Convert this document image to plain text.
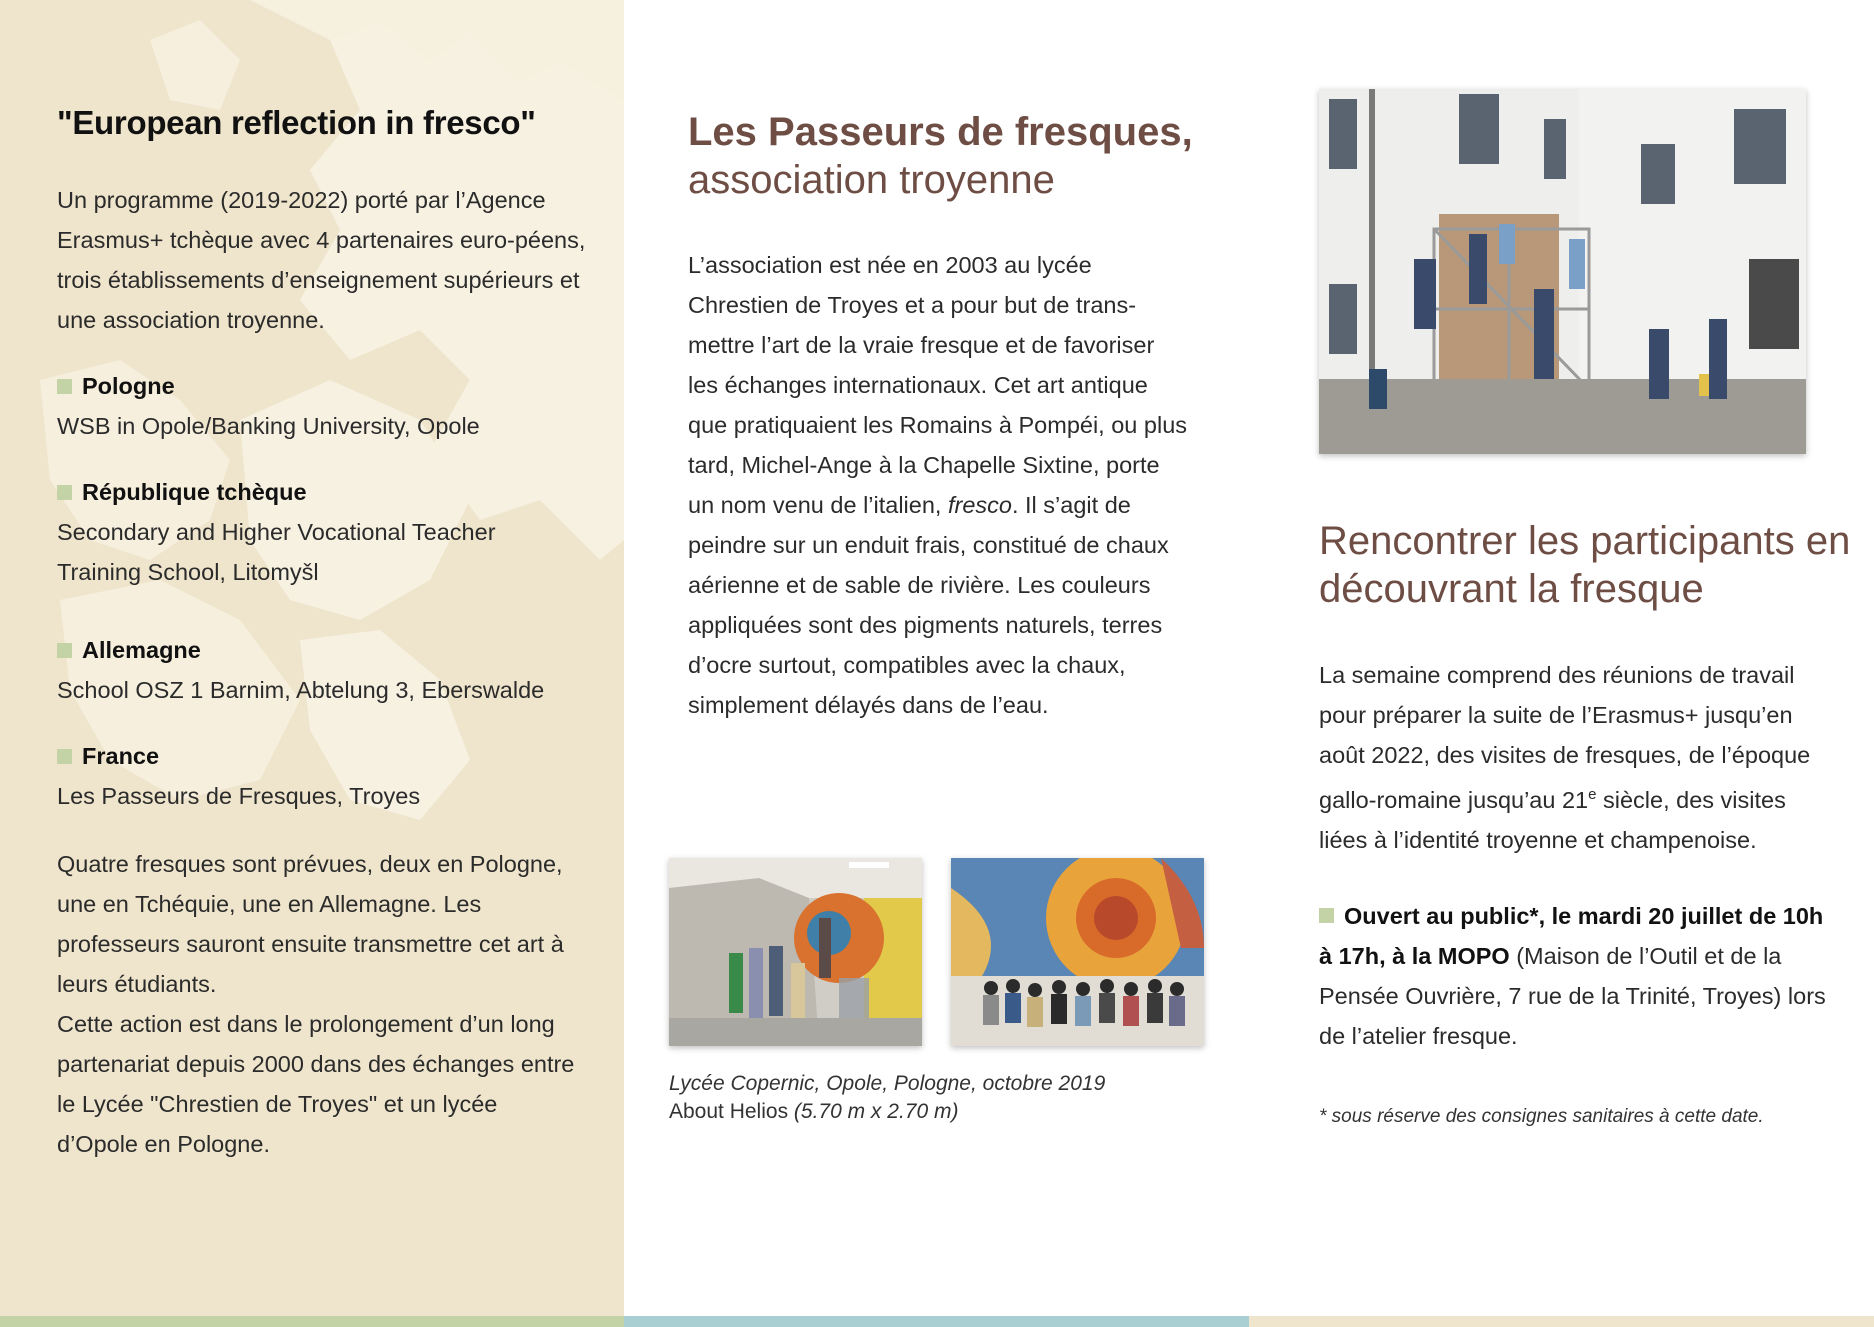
"European reflection in fresco"

Un programme (2019-2022) porté par l’Agence Erasmus+ tchèque avec 4 partenaires euro-péens, trois établissements d’enseignement supérieurs et une association troyenne.

Pologne

WSB in Opole/Banking University, Opole

République tchèque

Secondary and Higher Vocational Teacher Training School, Litomyšl

Allemagne

School OSZ 1 Barnim, Abtelung 3, Eberswalde

France

Les Passeurs de Fresques, Troyes

Quatre fresques sont prévues, deux en Pologne, une en Tchéquie, une en Allemagne. Les professeurs sauront ensuite transmettre cet art à leurs étudiants.

Cette action est dans le prolongement d’un long partenariat depuis 2000 dans des échanges entre le Lycée "Chrestien de Troyes" et un lycée d’Opole en Pologne.

Les Passeurs de fresques,
association troyenne

L’association est née en 2003 au lycée Chrestien de Troyes et a pour but de trans-mettre l’art de la vraie fresque et de favoriser les échanges internationaux. Cet art antique que pratiquaient les Romains à Pompéi, ou plus tard, Michel-Ange à la Chapelle Sixtine, porte un nom venu de l’italien, fresco. Il s’agit de peindre sur un enduit frais, constitué de chaux aérienne et de sable de rivière. Les couleurs appliquées sont des pigments naturels, terres d’ocre surtout, compatibles avec la chaux, simplement délayés dans de l’eau.

Lycée Copernic, Opole, Pologne, octobre 2019
About Helios (5.70 m x 2.70 m)
Rencontrer les participants en découvrant la fresque

La semaine comprend des réunions de travail pour préparer la suite de l’Erasmus+ jusqu’en août 2022, des visites de fresques, de l’époque gallo-romaine jusqu’au 21e siècle, des visites liées à l’identité troyenne et champenoise.

Ouvert au public*, le mardi 20 juillet de 10h à 17h, à la MOPO (Maison de l’Outil et de la Pensée Ouvrière, 7 rue de la Trinité, Troyes) lors de l’atelier fresque.

* sous réserve des consignes sanitaires à cette date.
